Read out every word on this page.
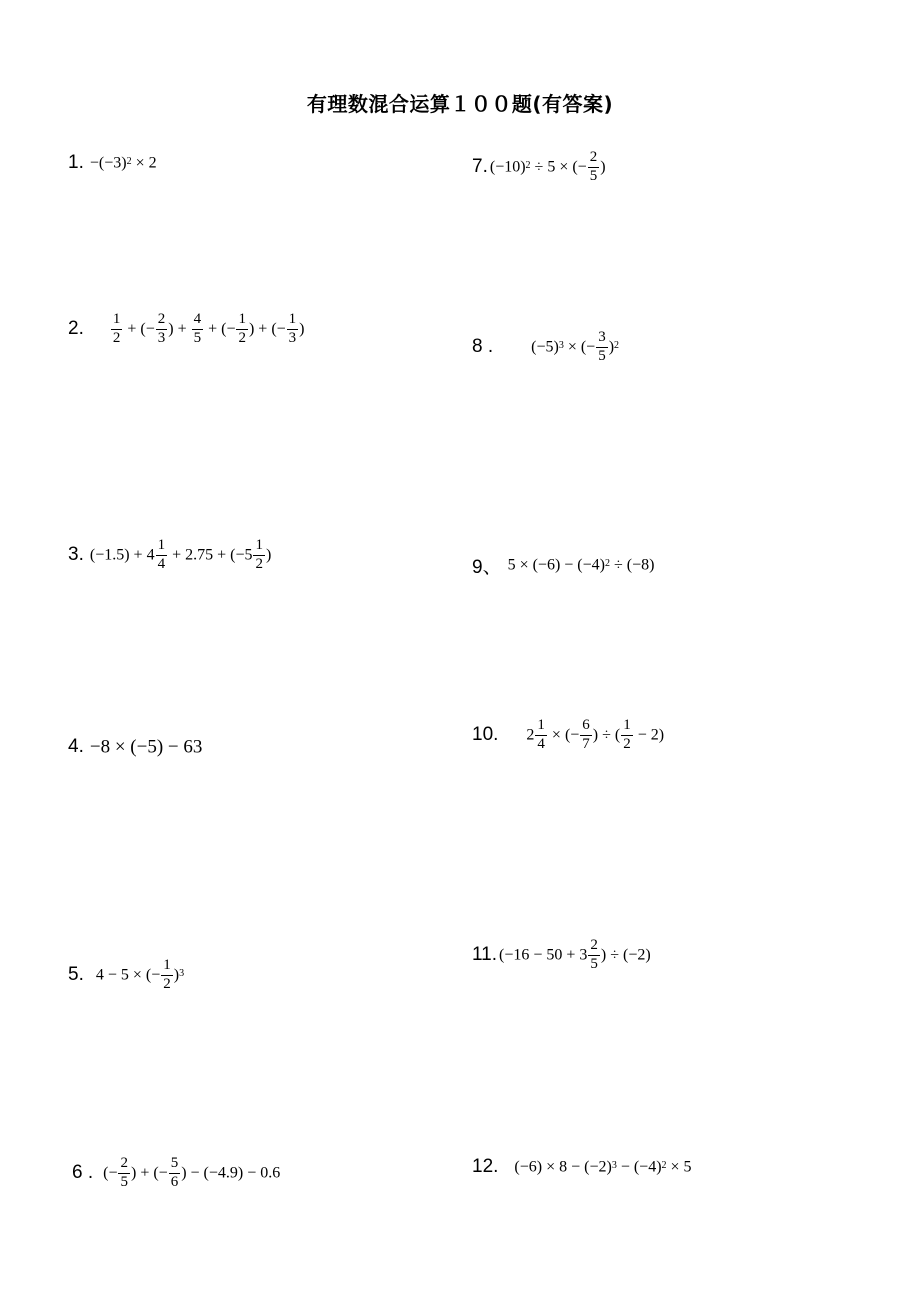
有理数混合运算１００题(有答案)
1. $-(-3)^2 \times 2$
2. $\frac{1}{2}$ + (− $\frac{2}{3}$ ) + $\frac{4}{5}$ + (− $\frac{1}{2}$ ) + (− $\frac{1}{3}$ )
3. $(-1.5) + 4 \frac{1}{4} + 2.75 + (-5 \frac{1}{2}$ )
4. −8 × (−5) − 63
5. 4 − 5 × (− $\frac{1}{2} )^3$
6 . (− $\frac{2}{5}$ ) + (− $\frac{5}{6}$ ) − (−4.9) − 0.6
7. $(-10)^2 \div 5$ × (− $\frac{2}{5}$ )
8 . $(-5)^3$ × (− $\frac{3}{5} )^2$
9、 $5 \times (-6) - (-4)^2 \div (-8)$
10. $2 \frac{1}{4}$ × (− $\frac{6}{7}$ ) ÷ ( $\frac{1}{2} - 2$)
11. ($-16 - 50 + 3 \frac{2}{5}$ ) ÷ (−2)
12. $(-6) \times 8 - (-2)^3 - (-4)^2 \times 5$
